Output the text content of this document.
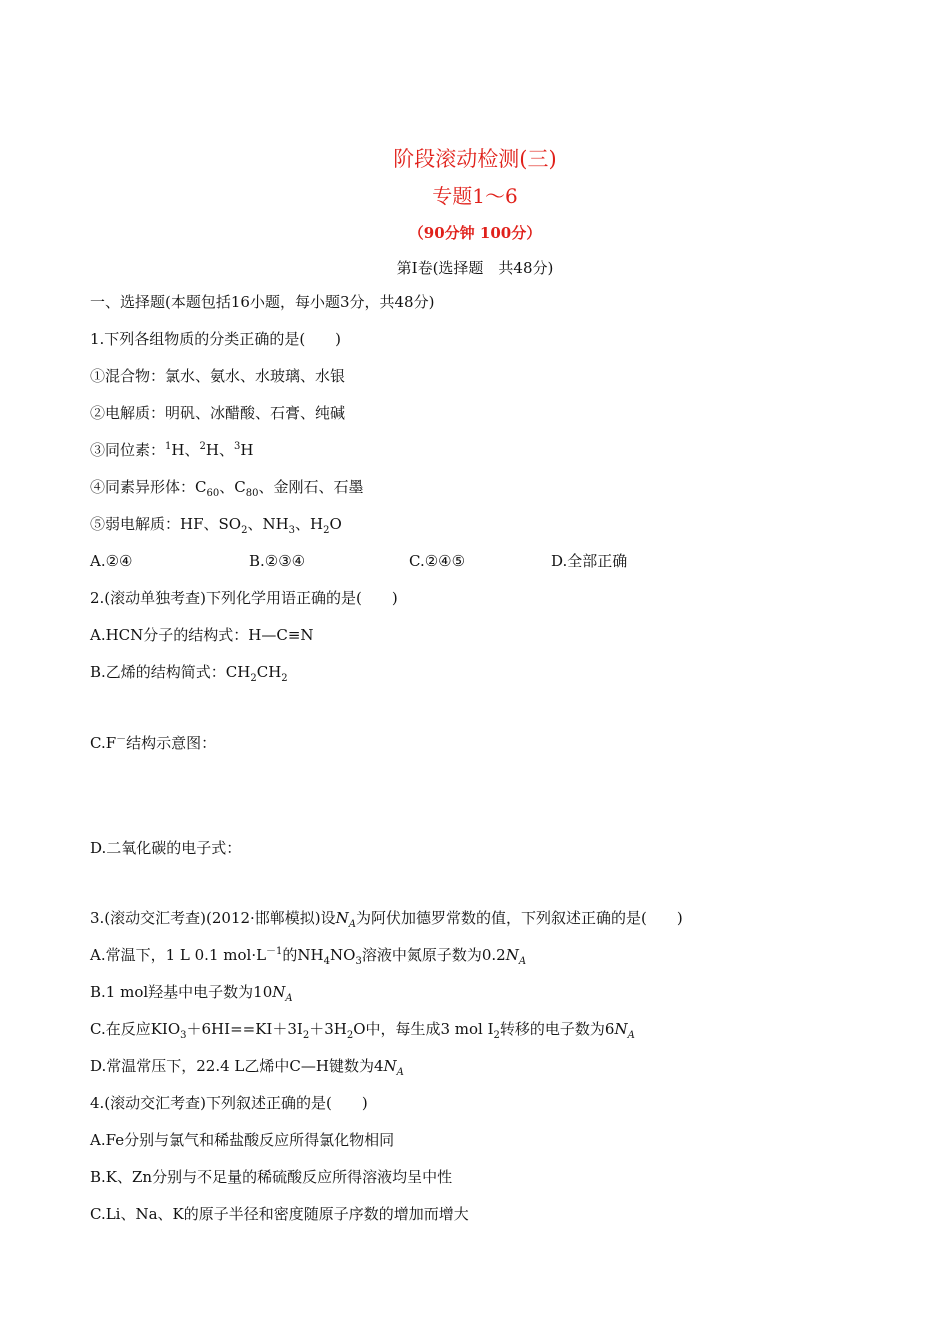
阶段滚动检测(三)
专题1～6
（90分钟 100分）
第Ⅰ卷(选择题　共48分)
一、选择题(本题包括16小题，每小题3分，共48分)
1.下列各组物质的分类正确的是(　　)
①混合物：氯水、氨水、水玻璃、水银
②电解质：明矾、冰醋酸、石膏、纯碱
③同位素：$^1$H、$^2$H、$^3$H
④同素异形体：$C_{60}$、$C_{80}$、金刚石、石墨
⑤弱电解质：HF、$SO_2$、$NH_3$、$H_2O$
A.②④	B.②③④	C.②④⑤	D.全部正确
2.(滚动单独考查)下列化学用语正确的是(　　)
A.HCN分子的结构式：H—C≡N
B.乙烯的结构简式：$CH_2CH_2$
C.F－结构示意图：
D.二氧化碳的电子式：
3.(滚动交汇考查)(2012·邯郸模拟)设$N_A$为阿伏加德罗常数的值，下列叙述正确的是(　　)
A.常温下，1 L 0.1 $mol\cdot L^{-1}$的$NH_4NO_3$溶液中氮原子数为$0.2N_A$
B.1 mol羟基中电子数为$10N_A$
C.在反应$KIO_3+6HI==KI+3I_2+3H_2O$中，每生成3 mol $I_2$转移的电子数为$6N_A$
D.常温常压下，22.4 L乙烯中C—H键数为$4N_A$
4.(滚动交汇考查)下列叙述正确的是(　　)
A.Fe分别与氯气和稀盐酸反应所得氯化物相同
B.K、Zn分别与不足量的稀硫酸反应所得溶液均呈中性
C.Li、Na、K的原子半径和密度随原子序数的增加而增大
